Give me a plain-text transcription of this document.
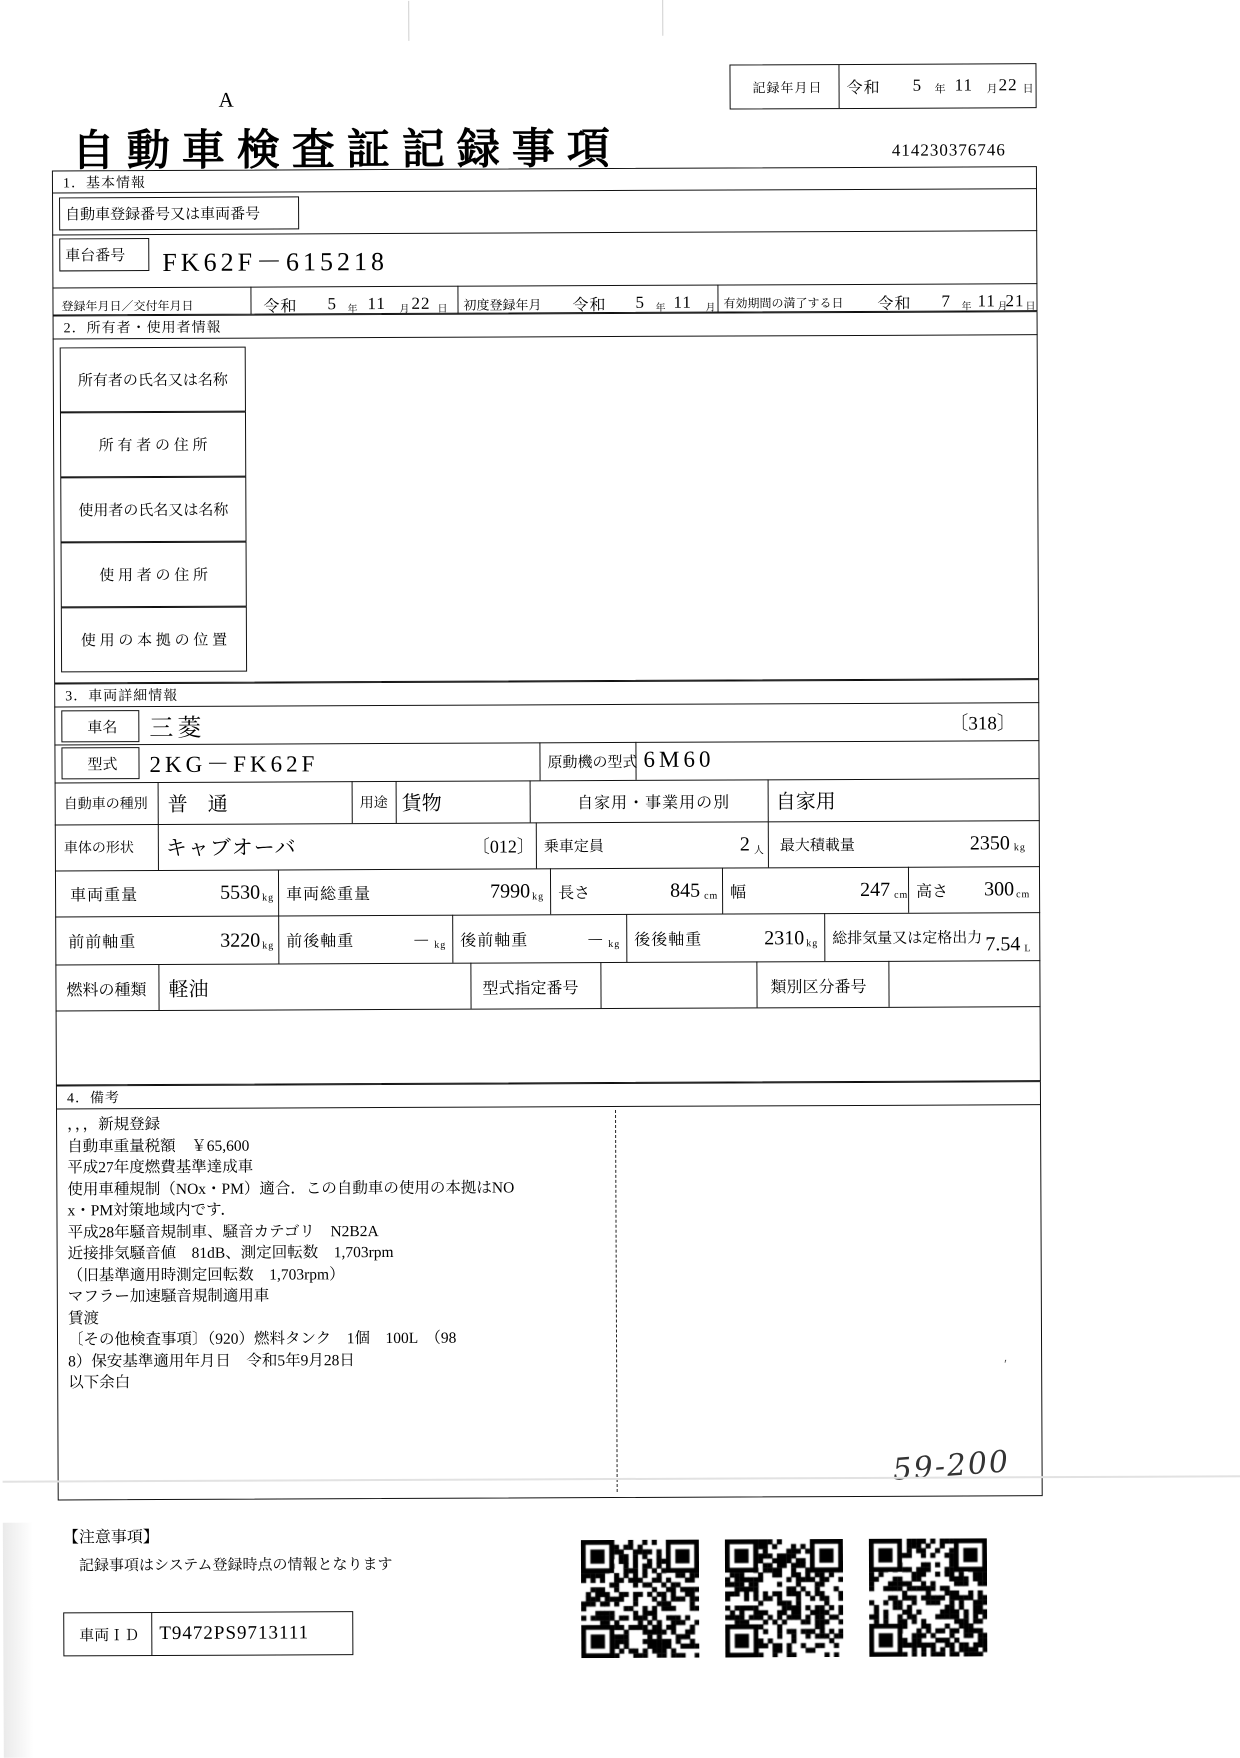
A
自動車検査証記録事項	414230376746
記録年月日	令和 5 年 11 月 22 日
1．基本情報
自動車登録番号又は車両番号
車台番号	FK62F－615218
登録年月日／交付年月日	令和 5 年 11 月 22 日 初度登録年月 令和 5 年 11 月 有効期間の満了する日 令和 7 年 11 月
21 日
2．所有者・使用者情報
所有者の氏名又は名称
所 有 者 の 住 所
使用者の氏名又は名称
使 用 者 の 住 所
使 用 の 本 拠 の 位 置
3．車両詳細情報
車名	三菱	〔318〕
型式	2KG－FK62F	原動機の型式 6M60
自動車の種別 普　通	用途 貨物	自家用・事業用の別	自家用
車体の形状 キャブオーバ	〔012〕 乗車定員	2 人 最大積載量	2350 kg
車両重量	5530 kg 車両総重量	7990 kg 長さ	845 cm 幅	247 cm 高さ	300 cm
前前軸重	3220 kg 前後軸重	－ kg 後前軸重	－ kg 後後軸重	2310 kg 総排気量又は定格出力 7.54 L
燃料の種類 軽油	型式指定番号	類別区分番号
4．備考
，，，新規登録
自動車重量税額　￥65,600
平成27年度燃費基準達成車
使用車種規制（NOx・PM）適合．この自動車の使用の本拠はNO
x・PM対策地域内です．
平成28年騒音規制車、騒音カテゴリ　N2B2A
近接排気騒音値　81dB、測定回転数　1,703rpm
（旧基準適用時測定回転数　1,703rpm）
マフラー加速騒音規制適用車
賃渡
〔その他検査事項〕（920）燃料タンク　1個　100L　（98
8）保安基準適用年月日　令和5年9月28日
以下余白
59-200
′
【注意事項】
記録事項はシステム登録時点の情報となります
車両ＩＤ	T9472PS9713111
